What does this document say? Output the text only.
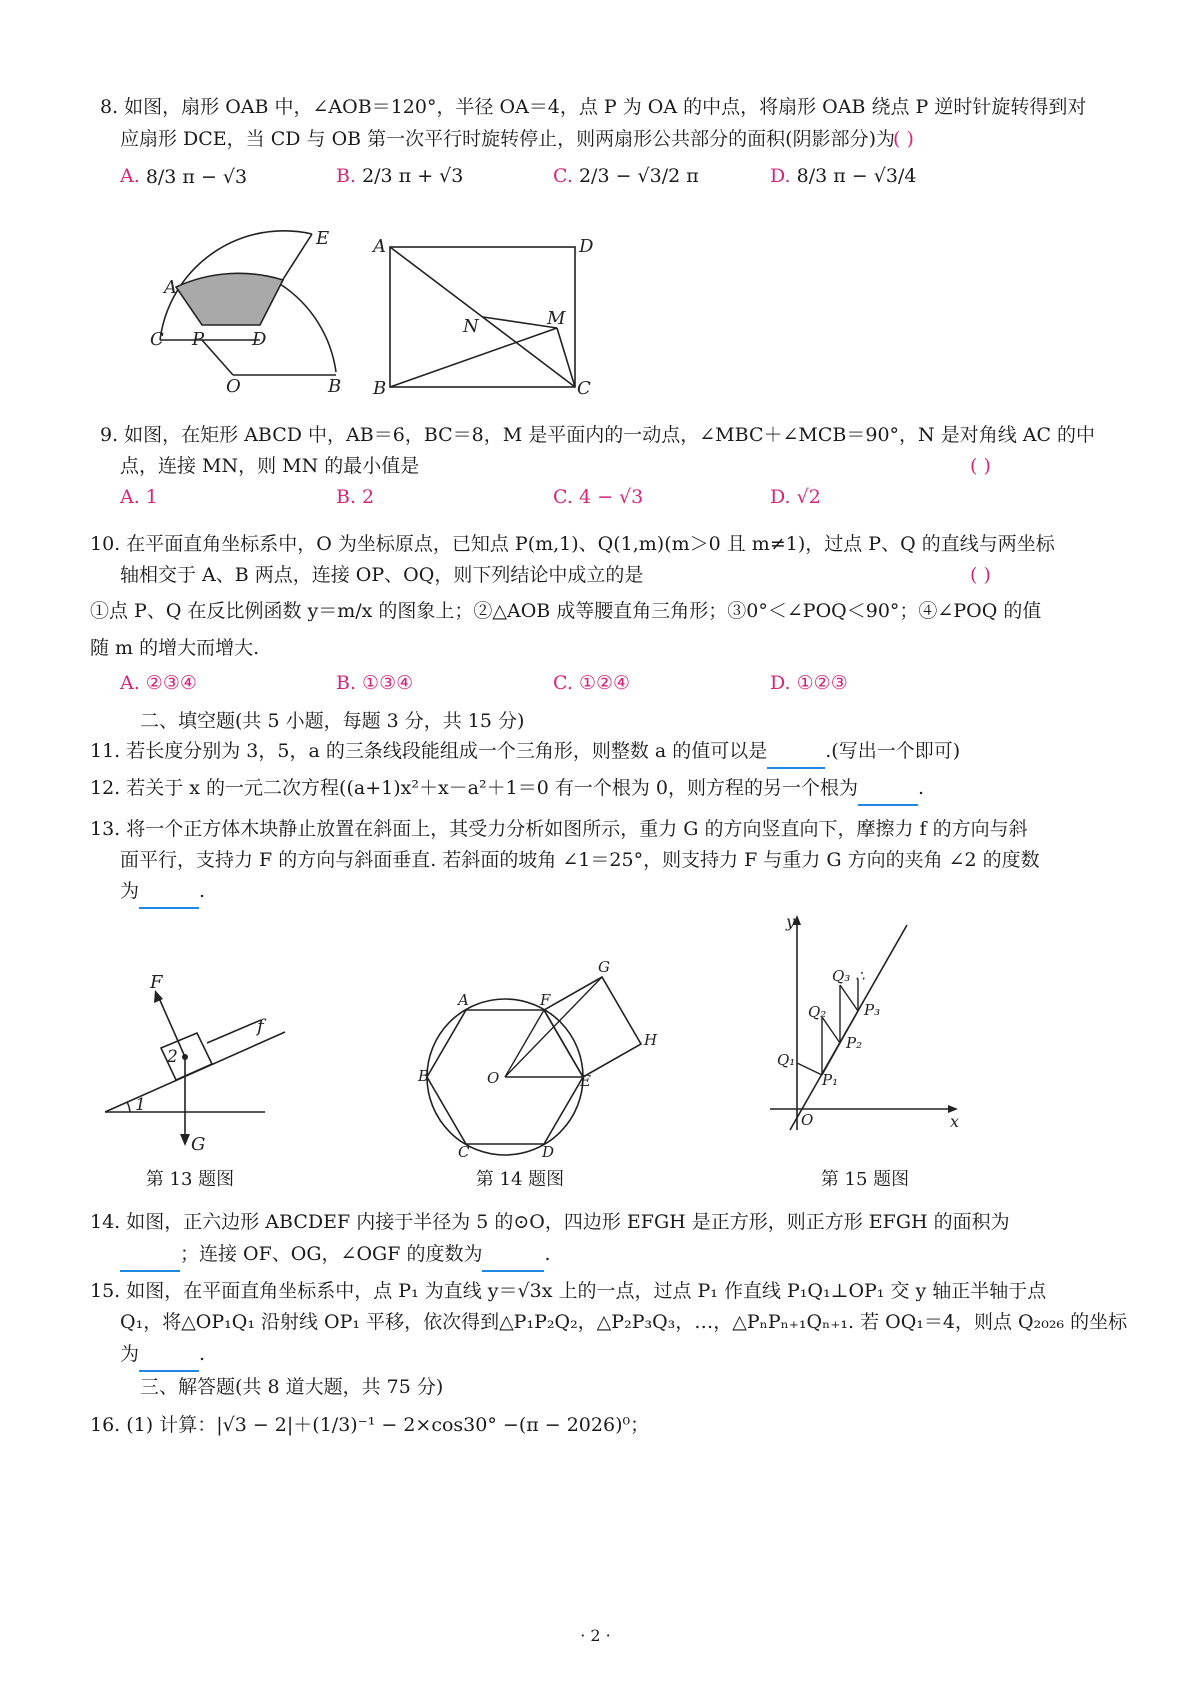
8. 如图，扇形 OAB 中，∠AOB＝120°，半径 OA＝4，点 P 为 OA 的中点，将扇形 OAB 绕点 P 逆时针旋转得到对
应扇形 DCE，当 CD 与 OB 第一次平行时旋转停止，则两扇形公共部分的面积(阴影部分)为
( )
A. 8/3 π − √3	B. 2/3 π + √3	C. 2/3 − √3/2 π	D. 8/3 π − √3/4
E
A
C P	D
O	B
A	D
N	M
B	C
9. 如图，在矩形 ABCD 中，AB＝6，BC＝8，M 是平面内的一动点，∠MBC＋∠MCB＝90°，N 是对角线 AC 的中
点，连接 MN，则 MN 的最小值是	( )
A. 1	B. 2	C. 4 − √3	D. √2
10. 在平面直角坐标系中，O 为坐标原点，已知点 P(m,1)、Q(1,m)(m＞0 且 m≠1)，过点 P、Q 的直线与两坐标
轴相交于 A、B 两点，连接 OP、OQ，则下列结论中成立的是	( )
①点 P、Q 在反比例函数 y＝m/x 的图象上；②△AOB 成等腰直角三角形；③0°＜∠POQ＜90°；④∠POQ 的值
随 m 的增大而增大.
A. ②③④	B. ①③④	C. ①②④	D. ①②③
二、填空题(共 5 小题，每题 3 分，共 15 分)
11. 若长度分别为 3，5，a 的三条线段能组成一个三角形，则整数 a 的值可以是	.(写出一个即可)
12. 若关于 x 的一元二次方程((a+1)x²＋x－a²＋1＝0 有一个根为 0，则方程的另一个根为	.
13. 将一个正方体木块静止放置在斜面上，其受力分析如图所示，重力 G 的方向竖直向下，摩擦力 f 的方向与斜
面平行，支持力 F 的方向与斜面垂直. 若斜面的坡角 ∠1＝25°，则支持力 F 与重力 G 方向的夹角 ∠2 的度数
为	.
F
f
2
1
G
第 13 题图
G
A	F
H
B	O	E
C	D
第 14 题图
y
Q₃ ∴
P₃
Q₂
P₂
Q₁
P₁
O	x
第 15 题图
14. 如图，正六边形 ABCDEF 内接于半径为 5 的⊙O，四边形 EFGH 是正方形，则正方形 EFGH 的面积为
；连接 OF、OG，∠OGF 的度数为	.
15. 如图，在平面直角坐标系中，点 P₁ 为直线 y＝√3x 上的一点，过点 P₁ 作直线 P₁Q₁⊥OP₁ 交 y 轴正半轴于点
Q₁，将△OP₁Q₁ 沿射线 OP₁ 平移，依次得到△P₁P₂Q₂，△P₂P₃Q₃，…，△PₙPₙ₊₁Qₙ₊₁. 若 OQ₁＝4，则点 Q₂₀₂₆ 的坐标
为	.
三、解答题(共 8 道大题，共 75 分)
16. (1) 计算：|√3 − 2|＋(1/3)⁻¹ − 2×cos30° −(π − 2026)⁰；
· 2 ·
